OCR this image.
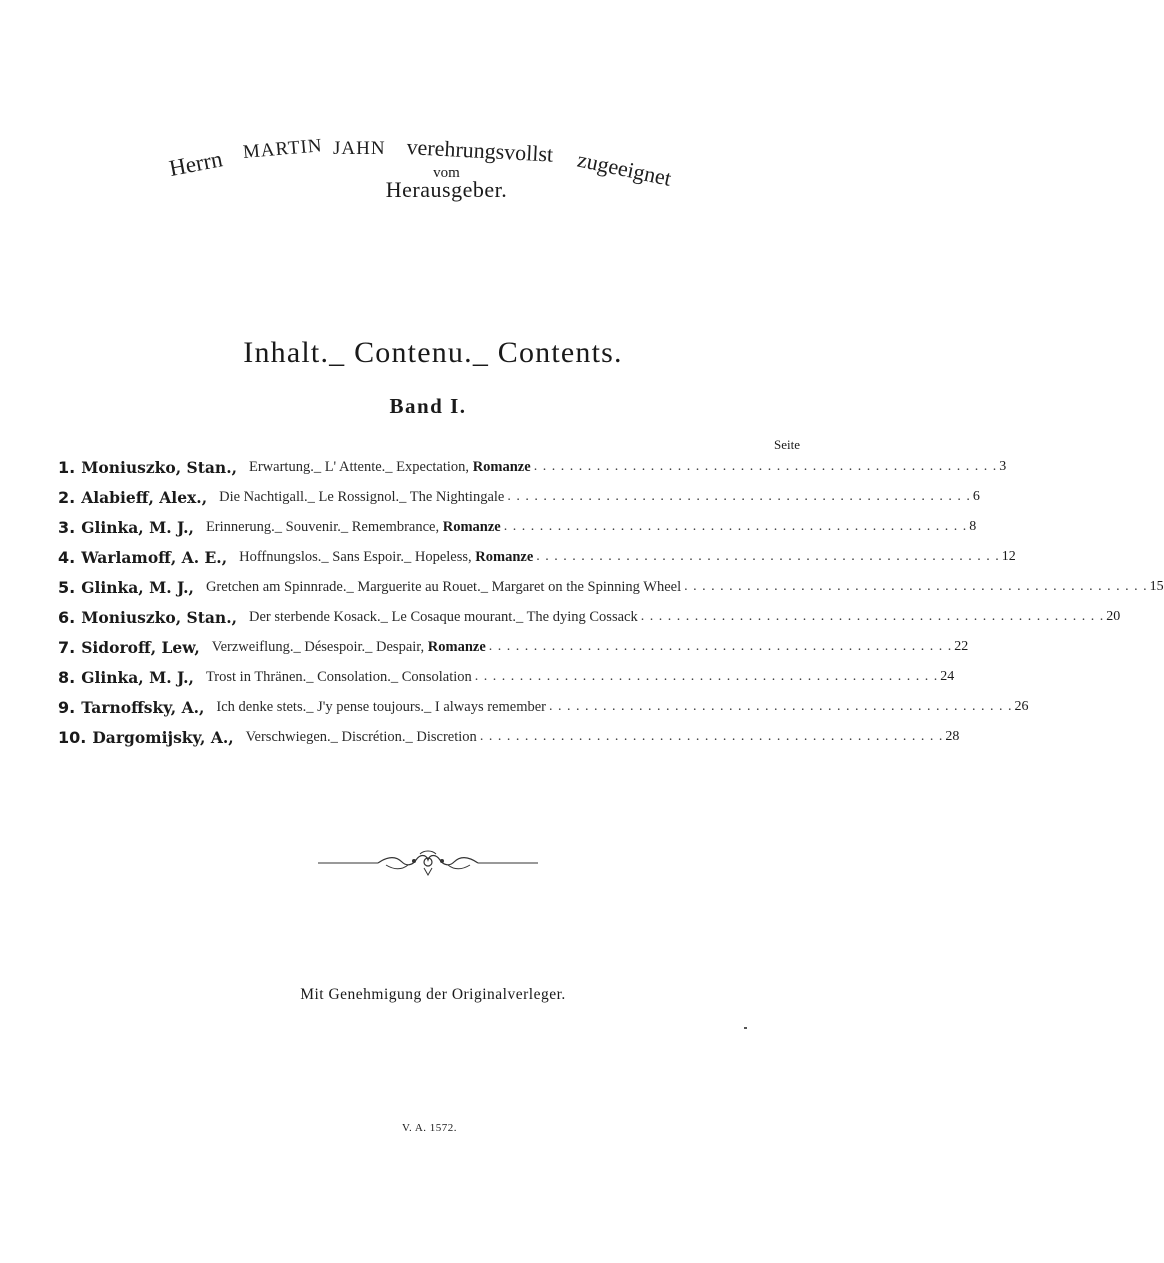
Herrn MARTIN JAHN verehrungsvollst zugeeignet
vom
Herausgeber.
Inhalt._ Contenu._ Contents.
Band I.
Seite
1. Moniuszko, Stan., Erwartung._ L' Attente._ Expectation, Romanze . . .	3
2. Alabieff, Alex., Die Nachtigall._ Le Rossignol._ The Nightingale . . .	6
3. Glinka, M. J., Erinnerung._ Souvenir._ Remembrance, Romanze . . .	8
4. Warlamoff, A. E., Hoffnungslos._ Sans Espoir._ Hopeless, Romanze . . .	12
5. Glinka, M. J., Gretchen am Spinnrade._ Marguerite au Rouet._ Margaret on the Spinning Wheel . . .	15
6. Moniuszko, Stan., Der sterbende Kosack._ Le Cosaque mourant._ The dying Cossack . . .	20
7. Sidoroff, Lew, Verzweiflung._ Désespoir._ Despair, Romanze . . .	22
8. Glinka, M. J., Trost in Thränen._ Consolation._ Consolation . . .	24
9. Tarnoffsky, A., Ich denke stets._ J'y pense toujours._ I always remember . . .	26
10. Dargomijsky, A., Verschwiegen._ Discrétion._ Discretion . . .	28
Mit Genehmigung der Originalverleger.
V. A. 1572.
